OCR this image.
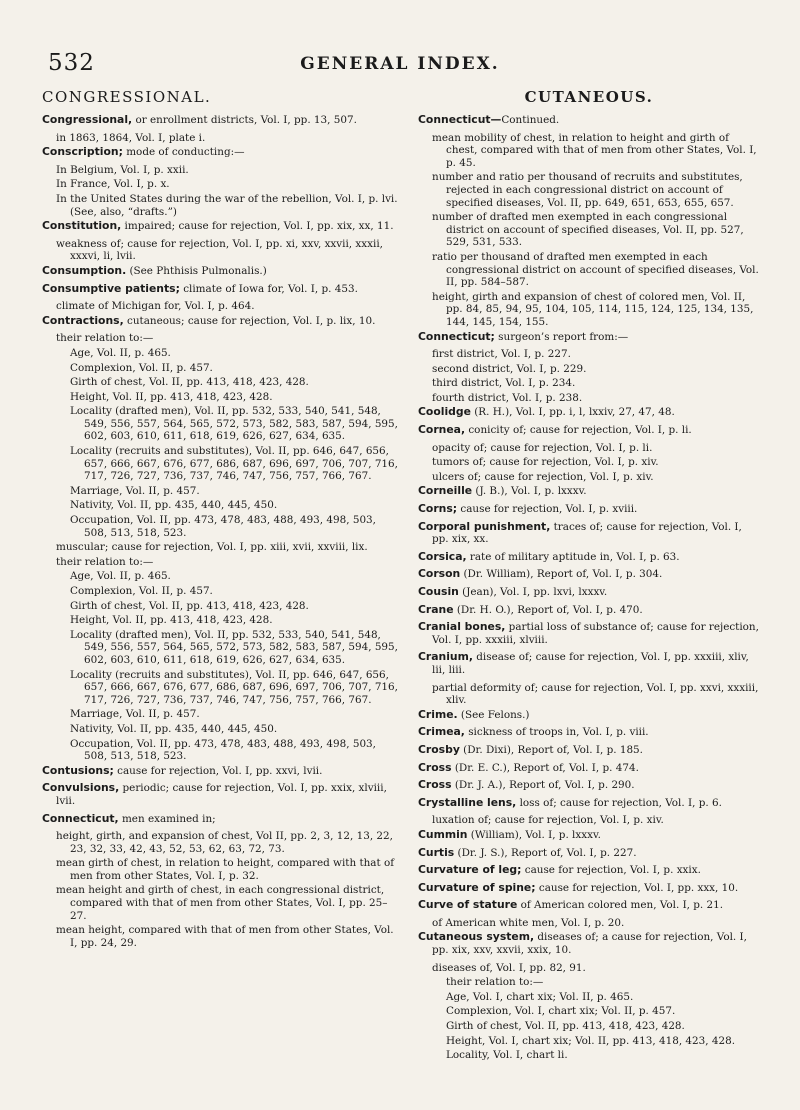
532	GENERAL INDEX.
CONGRESSIONAL.
Congressional, or enrollment districts, Vol. I, pp. 13, 507.
in 1863, 1864, Vol. I, plate i.
Conscription; mode of conducting:—
In Belgium, Vol. I, p. xxii.
In France, Vol. I, p. x.
In the United States during the war of the rebellion, Vol. I, p. lvi. (See, also, “drafts.”)
Constitution, impaired; cause for rejection, Vol. I, pp. xix, xx, 11.
weakness of; cause for rejection, Vol. I, pp. xi, xxv, xxvii, xxxii, xxxvi, li, lvii.
Consumption. (See Phthisis Pulmonalis.)
Consumptive patients; climate of Iowa for, Vol. I, p. 453.
climate of Michigan for, Vol. I, p. 464.
Contractions, cutaneous; cause for rejection, Vol. I, p. lix, 10.
their relation to:—
Age, Vol. II, p. 465.
Complexion, Vol. II, p. 457.
Girth of chest, Vol. II, pp. 413, 418, 423, 428.
Height, Vol. II, pp. 413, 418, 423, 428.
Locality (drafted men), Vol. II, pp. 532, 533, 540, 541, 548, 549, 556, 557, 564, 565, 572, 573, 582, 583, 587, 594, 595, 602, 603, 610, 611, 618, 619, 626, 627, 634, 635.
Locality (recruits and substitutes), Vol. II, pp. 646, 647, 656, 657, 666, 667, 676, 677, 686, 687, 696, 697, 706, 707, 716, 717, 726, 727, 736, 737, 746, 747, 756, 757, 766, 767.
Marriage, Vol. II, p. 457.
Nativity, Vol. II, pp. 435, 440, 445, 450.
Occupation, Vol. II, pp. 473, 478, 483, 488, 493, 498, 503, 508, 513, 518, 523.
muscular; cause for rejection, Vol. I, pp. xiii, xvii, xxviii, lix.
their relation to:—
Age, Vol. II, p. 465.
Complexion, Vol. II, p. 457.
Girth of chest, Vol. II, pp. 413, 418, 423, 428.
Height, Vol. II, pp. 413, 418, 423, 428.
Locality (drafted men), Vol. II, pp. 532, 533, 540, 541, 548, 549, 556, 557, 564, 565, 572, 573, 582, 583, 587, 594, 595, 602, 603, 610, 611, 618, 619, 626, 627, 634, 635.
Locality (recruits and substitutes), Vol. II, pp. 646, 647, 656, 657, 666, 667, 676, 677, 686, 687, 696, 697, 706, 707, 716, 717, 726, 727, 736, 737, 746, 747, 756, 757, 766, 767.
Marriage, Vol. II, p. 457.
Nativity, Vol. II, pp. 435, 440, 445, 450.
Occupation, Vol. II, pp. 473, 478, 483, 488, 493, 498, 503, 508, 513, 518, 523.
Contusions; cause for rejection, Vol. I, pp. xxvi, lvii.
Convulsions, periodic; cause for rejection, Vol. I, pp. xxix, xlviii, lvii.
Connecticut, men examined in;
height, girth, and expansion of chest, Vol II, pp. 2, 3, 12, 13, 22, 23, 32, 33, 42, 43, 52, 53, 62, 63, 72, 73.
mean girth of chest, in relation to height, compared with that of men from other States, Vol. I, p. 32.
mean height and girth of chest, in each congressional district, compared with that of men from other States, Vol. I, pp. 25–27.
mean height, compared with that of men from other States, Vol. I, pp. 24, 29.
CUTANEOUS.
Connecticut—Continued.
mean mobility of chest, in relation to height and girth of chest, compared with that of men from other States, Vol. I, p. 45.
number and ratio per thousand of recruits and substitutes, rejected in each congressional district on account of specified diseases, Vol. II, pp. 649, 651, 653, 655, 657.
number of drafted men exempted in each congressional district on account of specified diseases, Vol. II, pp. 527, 529, 531, 533.
ratio per thousand of drafted men exempted in each congressional district on account of specified diseases, Vol. II, pp. 584–587.
height, girth and expansion of chest of colored men, Vol. II, pp. 84, 85, 94, 95, 104, 105, 114, 115, 124, 125, 134, 135, 144, 145, 154, 155.
Connecticut; surgeon’s report from:—
first district, Vol. I, p. 227.
second district, Vol. I, p. 229.
third district, Vol. I, p. 234.
fourth district, Vol. I, p. 238.
Coolidge (R. H.), Vol. I, pp. i, l, lxxiv, 27, 47, 48.
Cornea, conicity of; cause for rejection, Vol. I, p. li.
opacity of; cause for rejection, Vol. I, p. li.
tumors of; cause for rejection, Vol. I, p. xiv.
ulcers of; cause for rejection, Vol. I, p. xiv.
Corneille (J. B.), Vol. I, p. lxxxv.
Corns; cause for rejection, Vol. I, p. xviii.
Corporal punishment, traces of; cause for rejection, Vol. I, pp. xix, xx.
Corsica, rate of military aptitude in, Vol. I, p. 63.
Corson (Dr. William), Report of, Vol. I, p. 304.
Cousin (Jean), Vol. I, pp. lxvi, lxxxv.
Crane (Dr. H. O.), Report of, Vol. I, p. 470.
Cranial bones, partial loss of substance of; cause for rejection, Vol. I, pp. xxxiii, xlviii.
Cranium, disease of; cause for rejection, Vol. I, pp. xxxiii, xliv, lii, liii.
partial deformity of; cause for rejection, Vol. I, pp. xxvi, xxxiii, xliv.
Crime. (See Felons.)
Crimea, sickness of troops in, Vol. I, p. viii.
Crosby (Dr. Dixi), Report of, Vol. I, p. 185.
Cross (Dr. E. C.), Report of, Vol. I, p. 474.
Cross (Dr. J. A.), Report of, Vol. I, p. 290.
Crystalline lens, loss of; cause for rejection, Vol. I, p. 6.
luxation of; cause for rejection, Vol. I, p. xiv.
Cummin (William), Vol. I, p. lxxxv.
Curtis (Dr. J. S.), Report of, Vol. I, p. 227.
Curvature of leg; cause for rejection, Vol. I, p. xxix.
Curvature of spine; cause for rejection, Vol. I, pp. xxx, 10.
Curve of stature of American colored men, Vol. I, p. 21.
of American white men, Vol. I, p. 20.
Cutaneous system, diseases of; a cause for rejection, Vol. I, pp. xix, xxv, xxvii, xxix, 10.
diseases of, Vol. I, pp. 82, 91.
their relation to:—
Age, Vol. I, chart xix; Vol. II, p. 465.
Complexion, Vol. I, chart xix; Vol. II, p. 457.
Girth of chest, Vol. II, pp. 413, 418, 423, 428.
Height, Vol. I, chart xix; Vol. II, pp. 413, 418, 423, 428.
Locality, Vol. I, chart li.
